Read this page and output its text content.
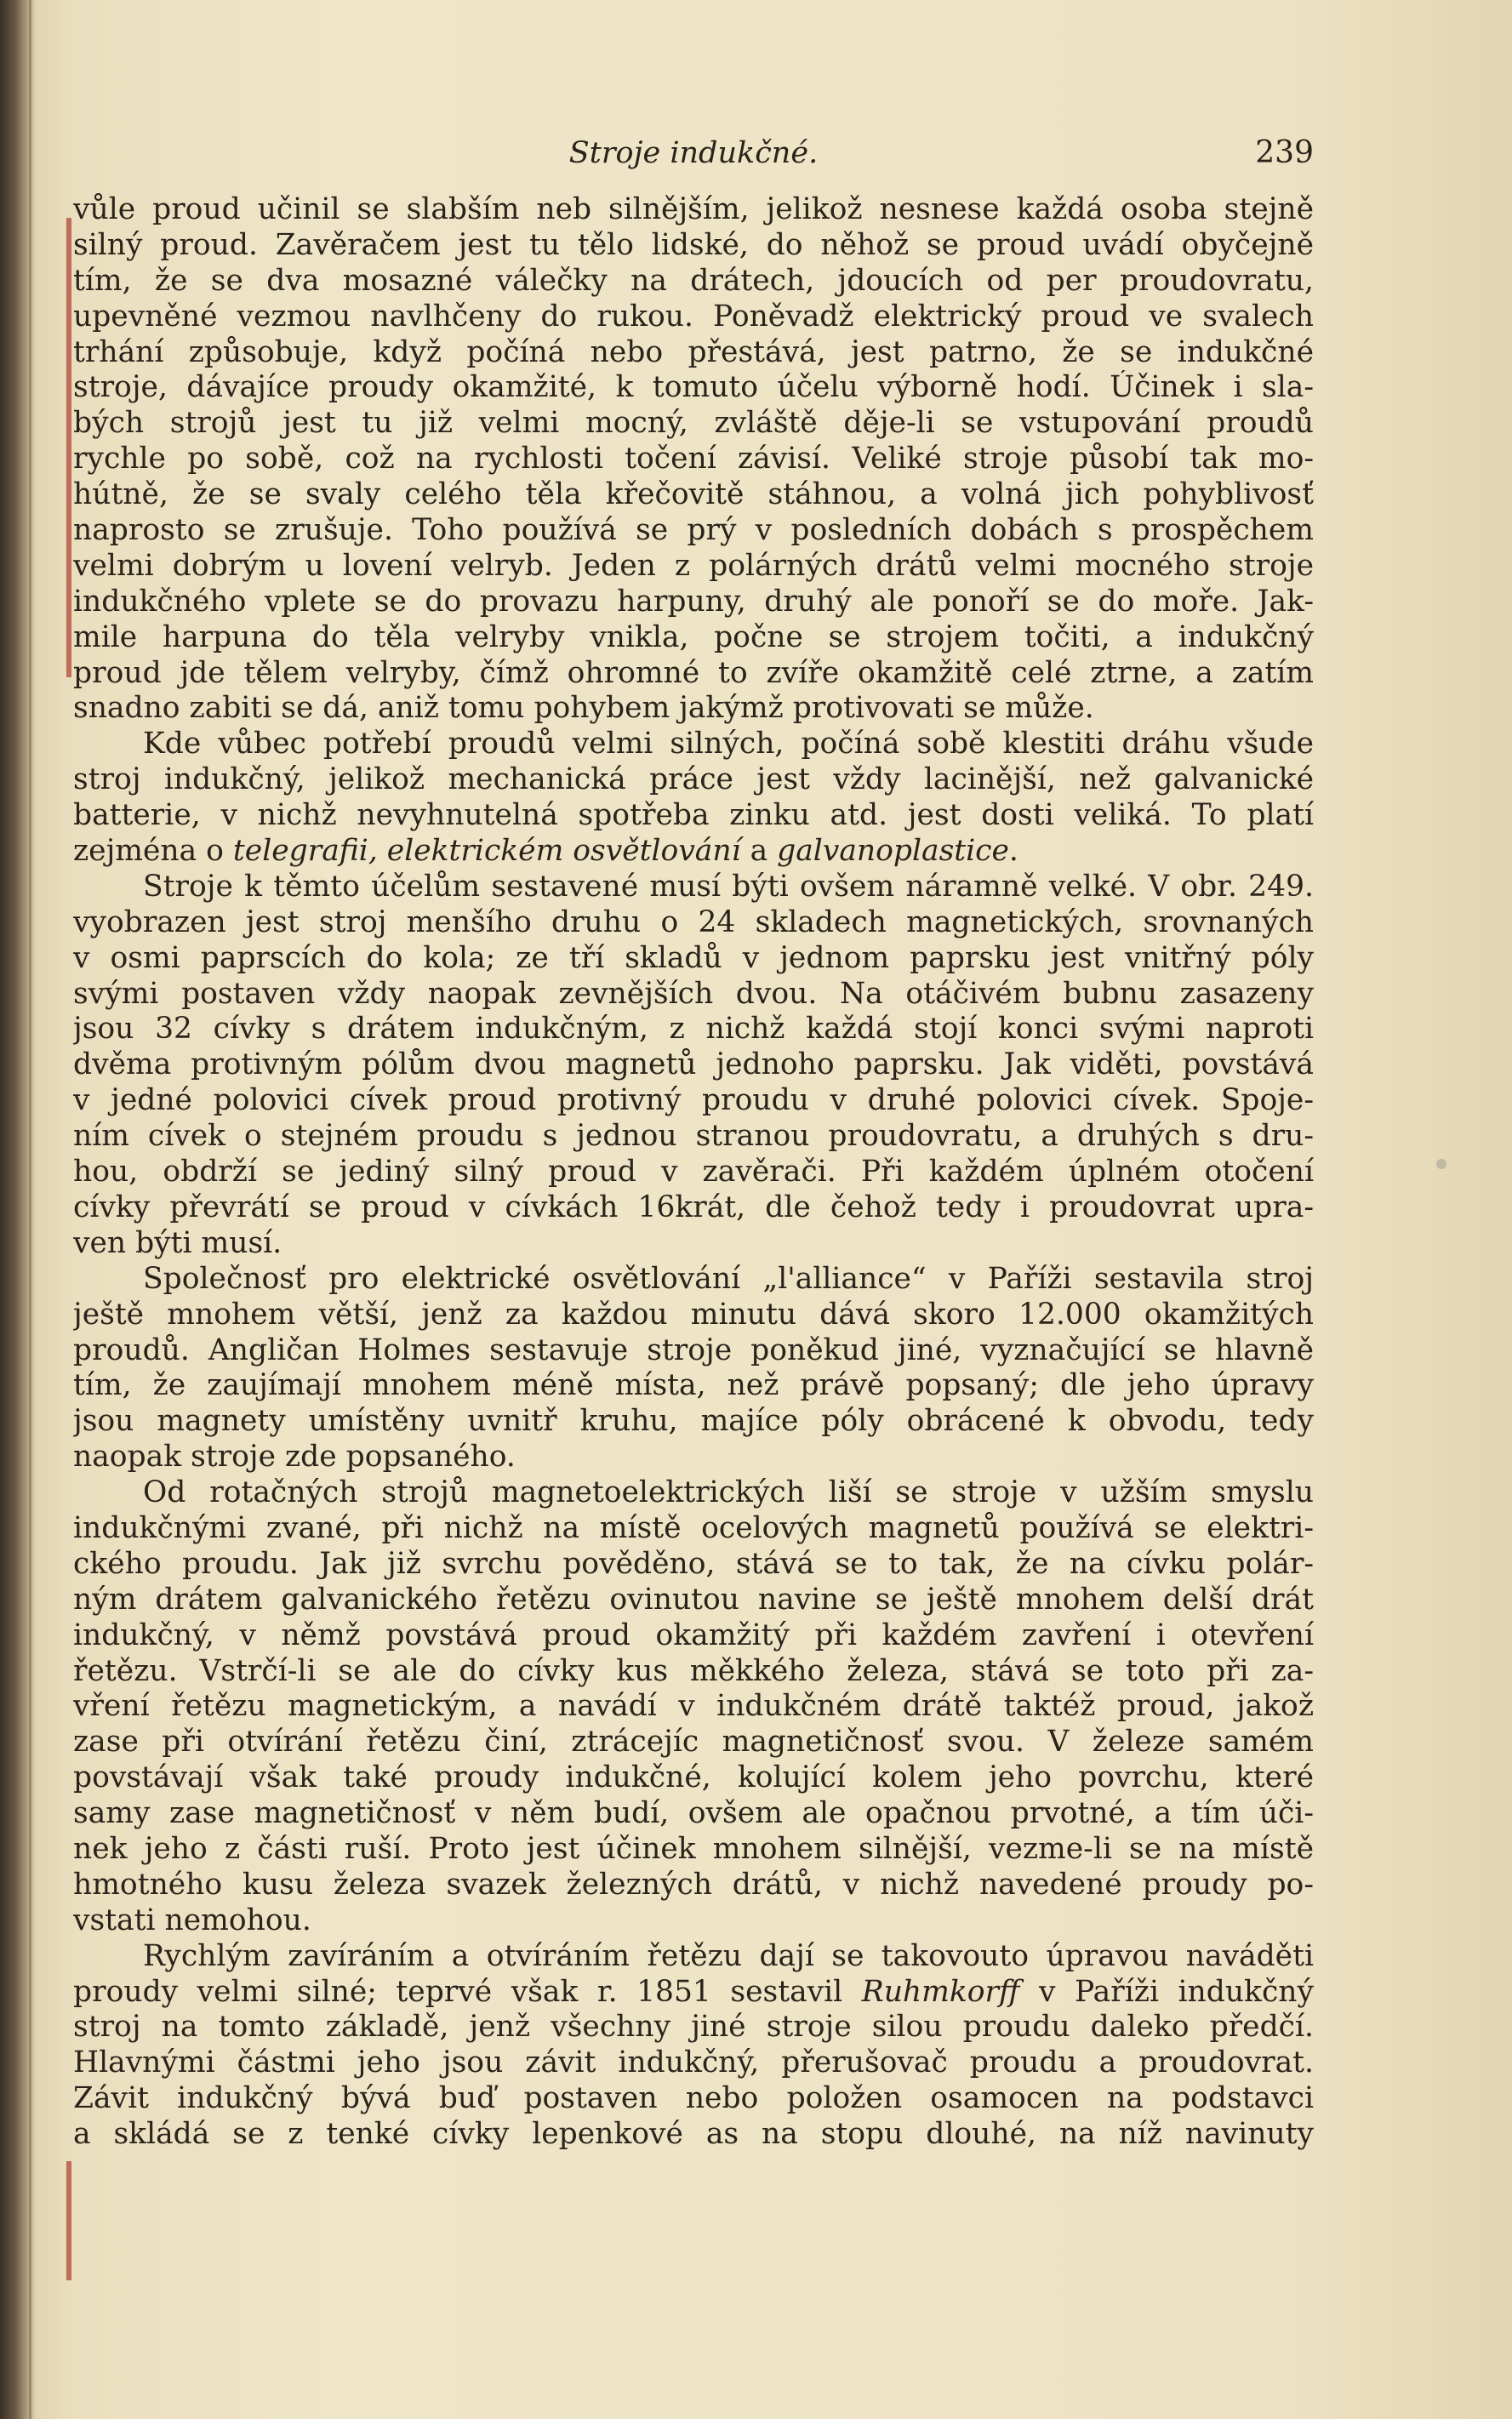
Stroje indukčné.	239
vůle proud učinil se slabším neb silnějším, jelikož nesnese každá osoba stejně
silný proud. Zavěračem jest tu tělo lidské, do něhož se proud uvádí obyčejně
tím, že se dva mosazné válečky na drátech, jdoucích od per proudovratu,
upevněné vezmou navlhčeny do rukou. Poněvadž elektrický proud ve svalech
trhání způsobuje, když počíná nebo přestává, jest patrno, že se indukčné
stroje, dávajíce proudy okamžité, k tomuto účelu výborně hodí. Účinek i sla-
bých strojů jest tu již velmi mocný, zvláště děje-li se vstupování proudů
rychle po sobě, což na rychlosti točení závisí. Veliké stroje působí tak mo-
hútně, že se svaly celého těla křečovitě stáhnou, a volná jich pohyblivosť
naprosto se zrušuje. Toho používá se prý v posledních dobách s prospěchem
velmi dobrým u lovení velryb. Jeden z polárných drátů velmi mocného stroje
indukčného vplete se do provazu harpuny, druhý ale ponoří se do moře. Jak-
mile harpuna do těla velryby vnikla, počne se strojem točiti, a indukčný
proud jde tělem velryby, čímž ohromné to zvíře okamžitě celé ztrne, a zatím
snadno zabiti se dá, aniž tomu pohybem jakýmž protivovati se může.
Kde vůbec potřebí proudů velmi silných, počíná sobě klestiti dráhu všude
stroj indukčný, jelikož mechanická práce jest vždy lacinější, než galvanické
batterie, v nichž nevyhnutelná spotřeba zinku atd. jest dosti veliká. To platí
zejména o telegrafii, elektrickém osvětlování a galvanoplastice.
Stroje k těmto účelům sestavené musí býti ovšem náramně velké. V obr. 249.
vyobrazen jest stroj menšího druhu o 24 skladech magnetických, srovnaných
v osmi paprscích do kola; ze tří skladů v jednom paprsku jest vnitřný póly
svými postaven vždy naopak zevnějších dvou. Na otáčivém bubnu zasazeny
jsou 32 cívky s drátem indukčným, z nichž každá stojí konci svými naproti
dvěma protivným pólům dvou magnetů jednoho paprsku. Jak viděti, povstává
v jedné polovici cívek proud protivný proudu v druhé polovici cívek. Spoje-
ním cívek o stejném proudu s jednou stranou proudovratu, a druhých s dru-
hou, obdrží se jediný silný proud v zavěrači. Při každém úplném otočení
cívky převrátí se proud v cívkách 16krát, dle čehož tedy i proudovrat upra-
ven býti musí.
Společnosť pro elektrické osvětlování „l'alliance“ v Paříži sestavila stroj
ještě mnohem větší, jenž za každou minutu dává skoro 12.000 okamžitých
proudů. Angličan Holmes sestavuje stroje poněkud jiné, vyznačující se hlavně
tím, že zaujímají mnohem méně místa, než právě popsaný; dle jeho úpravy
jsou magnety umístěny uvnitř kruhu, majíce póly obrácené k obvodu, tedy
naopak stroje zde popsaného.
Od rotačných strojů magnetoelektrických liší se stroje v užším smyslu
indukčnými zvané, při nichž na místě ocelových magnetů používá se elektri-
ckého proudu. Jak již svrchu pověděno, stává se to tak, že na cívku polár-
ným drátem galvanického řetězu ovinutou navine se ještě mnohem delší drát
indukčný, v němž povstává proud okamžitý při každém zavření i otevření
řetězu. Vstrčí-li se ale do cívky kus měkkého železa, stává se toto při za-
vření řetězu magnetickým, a navádí v indukčném drátě taktéž proud, jakož
zase při otvírání řetězu činí, ztrácejíc magnetičnosť svou. V železe samém
povstávají však také proudy indukčné, kolující kolem jeho povrchu, které
samy zase magnetičnosť v něm budí, ovšem ale opačnou prvotné, a tím úči-
nek jeho z části ruší. Proto jest účinek mnohem silnější, vezme-li se na místě
hmotného kusu železa svazek železných drátů, v nichž navedené proudy po-
vstati nemohou.
Rychlým zavíráním a otvíráním řetězu dají se takovouto úpravou naváděti
proudy velmi silné; teprvé však r. 1851 sestavil Ruhmkorff v Paříži indukčný
stroj na tomto základě, jenž všechny jiné stroje silou proudu daleko předčí.
Hlavnými částmi jeho jsou závit indukčný, přerušovač proudu a proudovrat.
Závit indukčný bývá buď postaven nebo položen osamocen na podstavci
a skládá se z tenké cívky lepenkové as na stopu dlouhé, na níž navinuty
